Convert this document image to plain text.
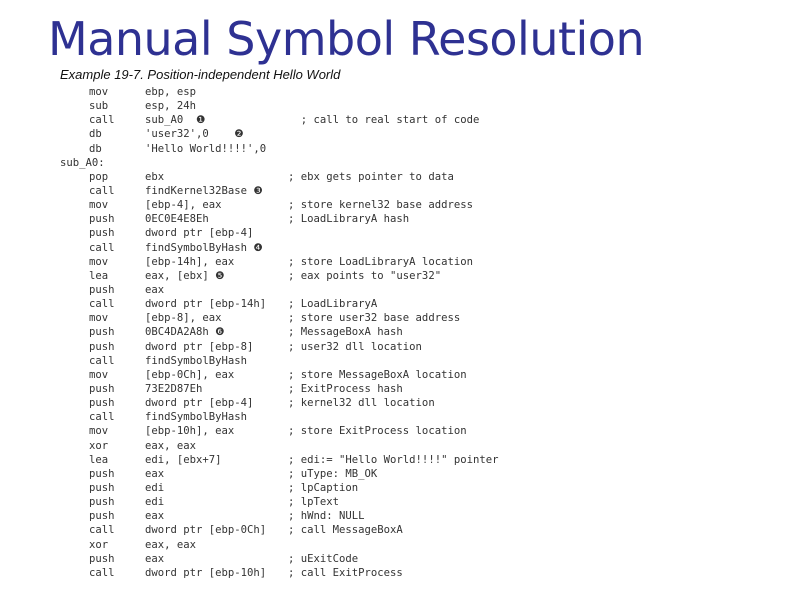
Manual Symbol Resolution
Example 19-7. Position-independent Hello World
mov	ebp, esp
sub	esp, 24h
call	sub_A0  ❶	; call to real start of code
db	'user32',0    ❷
db	'Hello World!!!!',0
sub_A0:
pop	ebx	; ebx gets pointer to data
call	findKernel32Base ❸
mov	[ebp-4], eax	; store kernel32 base address
push	0EC0E4E8Eh	; LoadLibraryA hash
push	dword ptr [ebp-4]
call	findSymbolByHash ❹
mov	[ebp-14h], eax	; store LoadLibraryA location
lea	eax, [ebx] ❺	; eax points to "user32"
push	eax
call	dword ptr [ebp-14h] ; LoadLibraryA
mov	[ebp-8], eax	; store user32 base address
push	0BC4DA2A8h ❻	; MessageBoxA hash
push	dword ptr [ebp-8]	; user32 dll location
call	findSymbolByHash
mov	[ebp-0Ch], eax	; store MessageBoxA location
push	73E2D87Eh	; ExitProcess hash
push	dword ptr [ebp-4]	; kernel32 dll location
call	findSymbolByHash
mov	[ebp-10h], eax	; store ExitProcess location
xor	eax, eax
lea	edi, [ebx+7]	; edi:= "Hello World!!!!" pointer
push	eax	; uType: MB_OK
push	edi	; lpCaption
push	edi	; lpText
push	eax	; hWnd: NULL
call	dword ptr [ebp-0Ch] ; call MessageBoxA
xor	eax, eax
push	eax	; uExitCode
call	dword ptr [ebp-10h] ; call ExitProcess
